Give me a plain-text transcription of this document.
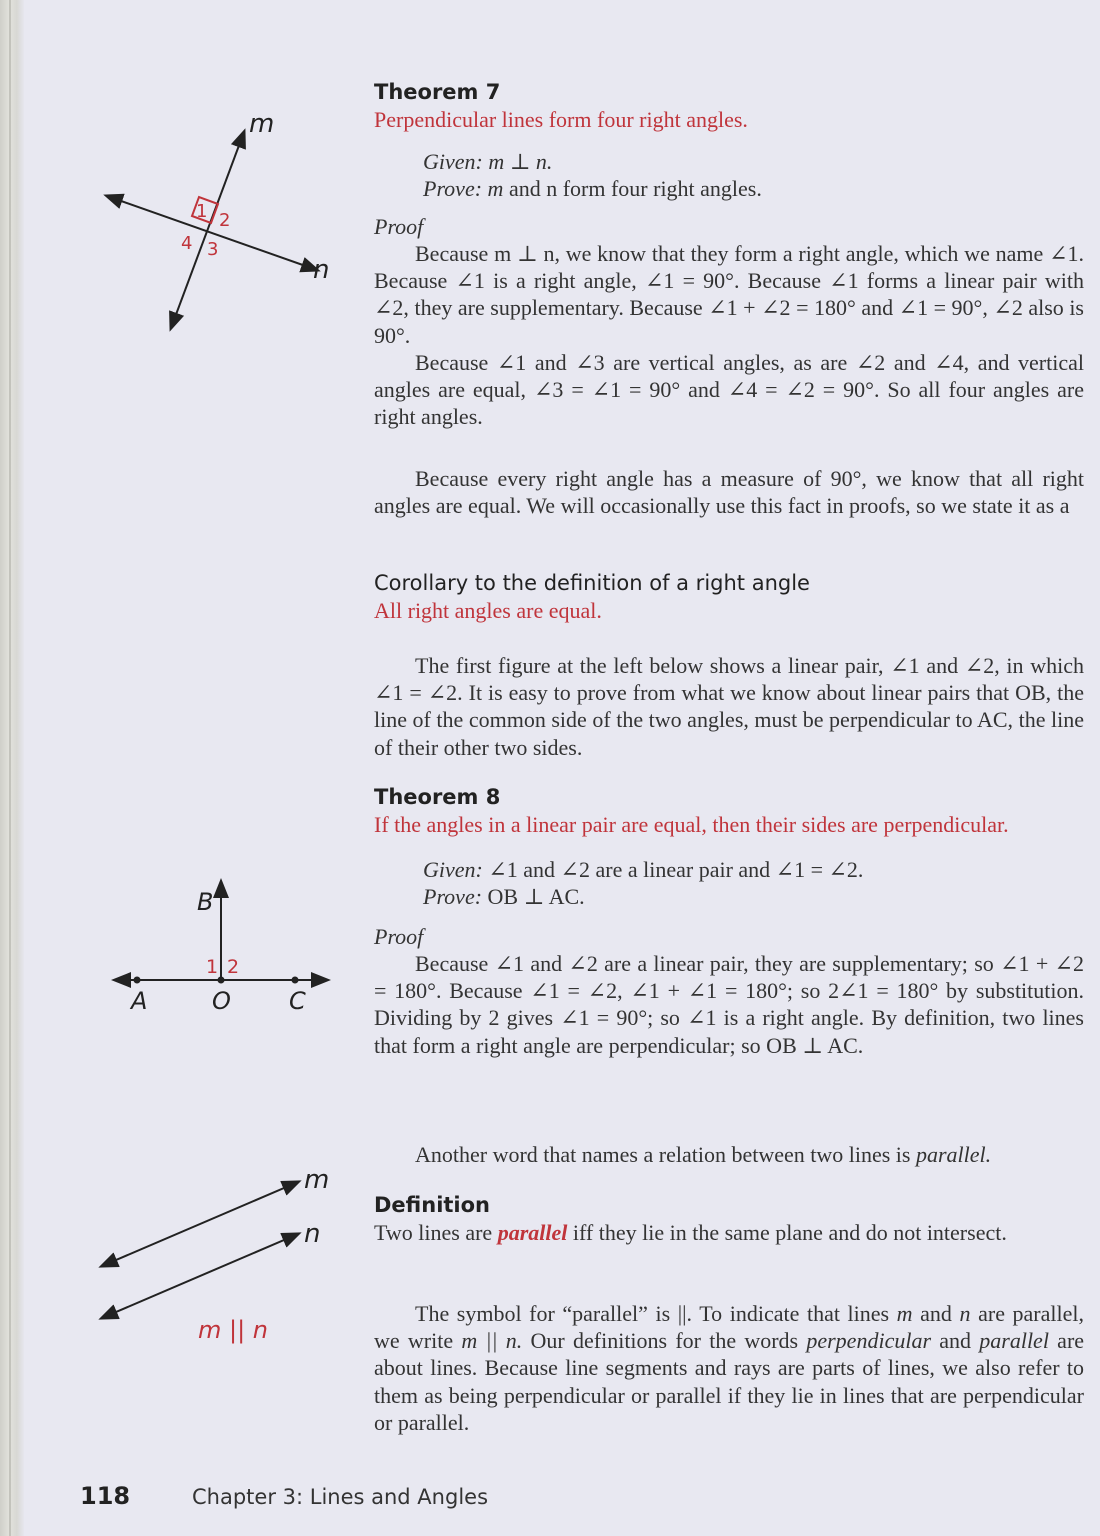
m
n
1 2
3
4
A	O C
B
1 2
m
n
m || n

Theorem 7

Perpendicular lines form four right angles.

Given: m ⊥ n.

Prove: m and n form four right angles.

Proof

Because m ⊥ n, we know that they form a right angle, which we name ∠1. Because ∠1 is a right angle, ∠1 = 90°. Because ∠1 forms a linear pair with ∠2, they are supplementary. Because ∠1 + ∠2 = 180° and ∠1 = 90°, ∠2 also is 90°.

Because ∠1 and ∠3 are vertical angles, as are ∠2 and ∠4, and vertical angles are equal, ∠3 = ∠1 = 90° and ∠4 = ∠2 = 90°. So all four angles are right angles.

Because every right angle has a measure of 90°, we know that all right angles are equal. We will occasionally use this fact in proofs, so we state it as a

Corollary to the definition of a right angle

All right angles are equal.

The first figure at the left below shows a linear pair, ∠1 and ∠2, in which ∠1 = ∠2. It is easy to prove from what we know about linear pairs that OB, the line of the common side of the two angles, must be perpendicular to AC, the line of their other two sides.

Theorem 8

If the angles in a linear pair are equal, then their sides are perpendicular.

Given: ∠1 and ∠2 are a linear pair and ∠1 = ∠2.

Prove: OB ⊥ AC.

Proof

Because ∠1 and ∠2 are a linear pair, they are supplementary; so ∠1 + ∠2 = 180°. Because ∠1 = ∠2, ∠1 + ∠1 = 180°; so 2∠1 = 180° by substitution. Dividing by 2 gives ∠1 = 90°; so ∠1 is a right angle. By definition, two lines that form a right angle are perpendicular; so OB ⊥ AC.

Another word that names a relation between two lines is parallel.

Definition

Two lines are parallel iff they lie in the same plane and do not intersect.

The symbol for “parallel” is ||. To indicate that lines m and n are parallel, we write m || n. Our definitions for the words perpendicular and parallel are about lines. Because line segments and rays are parts of lines, we also refer to them as being perpendicular or parallel if they lie in lines that are perpendicular or parallel.

118	Chapter 3: Lines and Angles
